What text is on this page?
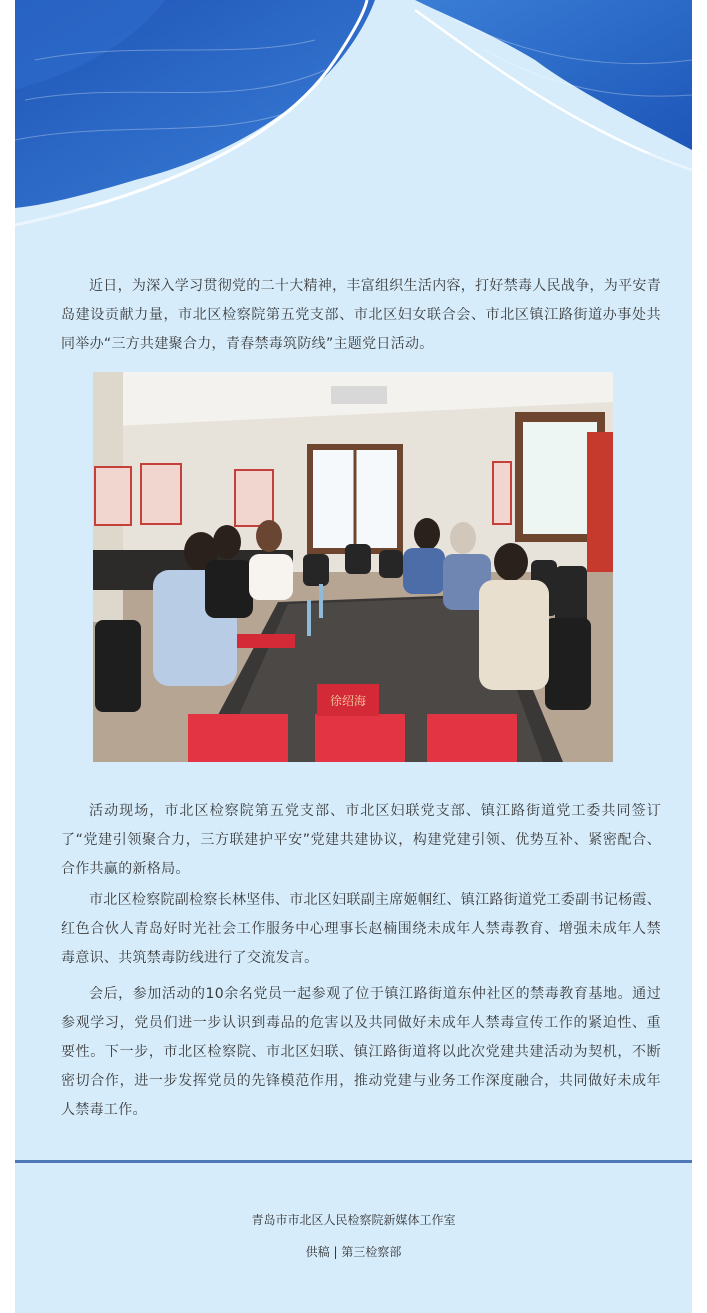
近日，为深入学习贯彻党的二十大精神，丰富组织生活内容，打好禁毒人民战争，为平安青岛建设贡献力量，市北区检察院第五党支部、市北区妇女联合会、市北区镇江路街道办事处共同举办“三方共建聚合力，青春禁毒筑防线”主题党日活动。

徐绍海

活动现场，市北区检察院第五党支部、市北区妇联党支部、镇江路街道党工委共同签订了“党建引领聚合力，三方联建护平安”党建共建协议，构建党建引领、优势互补、紧密配合、合作共赢的新格局。

市北区检察院副检察长林坚伟、市北区妇联副主席姬帼红、镇江路街道党工委副书记杨霞、红色合伙人青岛好时光社会工作服务中心理事长赵楠围绕未成年人禁毒教育、增强未成年人禁毒意识、共筑禁毒防线进行了交流发言。

会后，参加活动的10余名党员一起参观了位于镇江路街道东仲社区的禁毒教育基地。通过参观学习，党员们进一步认识到毒品的危害以及共同做好未成年人禁毒宣传工作的紧迫性、重要性。下一步，市北区检察院、市北区妇联、镇江路街道将以此次党建共建活动为契机，不断密切合作，进一步发挥党员的先锋模范作用，推动党建与业务工作深度融合，共同做好未成年人禁毒工作。

青岛市市北区人民检察院新媒体工作室
供稿 | 第三检察部
